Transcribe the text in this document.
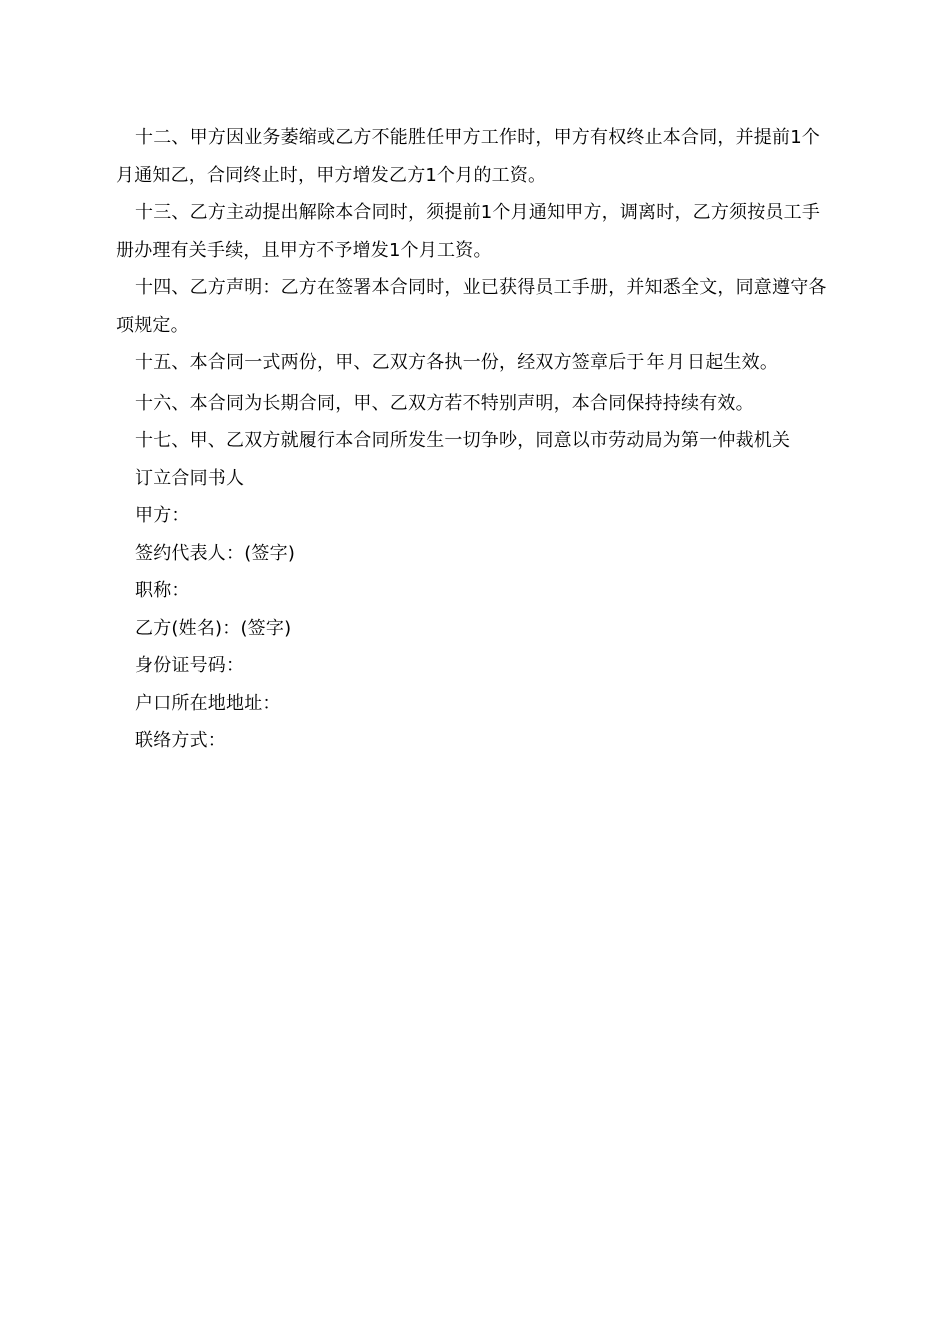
十二、甲方因业务萎缩或乙方不能胜任甲方工作时，甲方有权终止本合同，并提前1个月通知乙，合同终止时，甲方增发乙方1个月的工资。

十三、乙方主动提出解除本合同时，须提前1个月通知甲方，调离时，乙方须按员工手册办理有关手续，且甲方不予增发1个月工资。

十四、乙方声明：乙方在签署本合同时，业已获得员工手册，并知悉全文，同意遵守各项规定。

十五、本合同一式两份，甲、乙双方各执一份，经双方签章后于 年 月 日起生效。

十六、本合同为长期合同，甲、乙双方若不特别声明，本合同保持持续有效。

十七、甲、乙双方就履行本合同所发生一切争吵，同意以市劳动局为第一仲裁机关

订立合同书人

甲方：

签约代表人：(签字)

职称：

乙方(姓名)：(签字)

身份证号码：

户口所在地地址：

联络方式：
